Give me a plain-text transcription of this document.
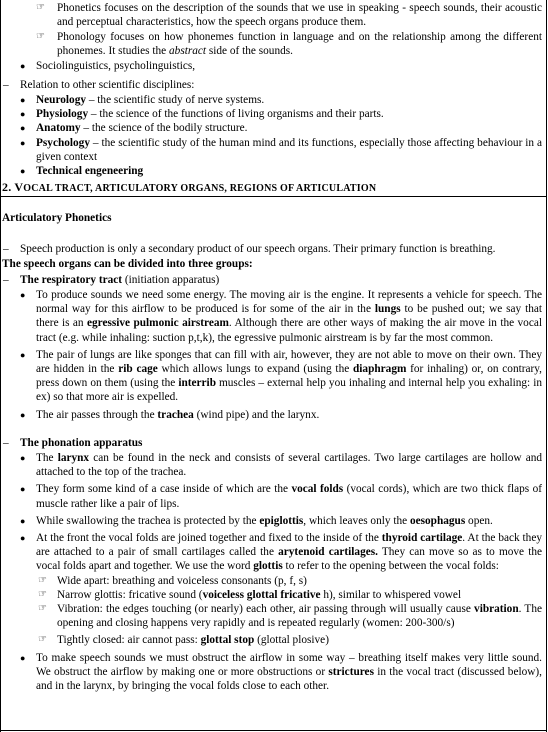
☞ Phonetics focuses on the description of the sounds that we use in speaking - speech sounds, their acoustic and perceptual characteristics, how the speech organs produce them.
☞ Phonology focuses on how phonemes function in language and on the relationship among the different phonemes. It studies the abstract side of the sounds.
● Sociolinguistics, psycholinguistics,
– Relation to other scientific disciplines:
● Neurology – the scientific study of nerve systems.
● Physiology – the science of the functions of living organisms and their parts.
● Anatomy – the science of the bodily structure.
● Psychology – the scientific study of the human mind and its functions, especially those affecting behaviour in a given context
● Technical engeneering
2. VOCAL TRACT, ARTICULATORY ORGANS, REGIONS OF ARTICULATION
Articulatory Phonetics
– Speech production is only a secondary product of our speech organs. Their primary function is breathing.
The speech organs can be divided into three groups:
– The respiratory tract (initiation apparatus)
● To produce sounds we need some energy. The moving air is the engine. It represents a vehicle for speech. The normal way for this airflow to be produced is for some of the air in the lungs to be pushed out; we say that there is an egressive pulmonic airstream. Although there are other ways of making the air move in the vocal tract (e.g. while inhaling: suction p,t,k), the egressive pulmonic airstream is by far the most common.
● The pair of lungs are like sponges that can fill with air, however, they are not able to move on their own. They are hidden in the rib cage which allows lungs to expand (using the diaphragm for inhaling) or, on contrary, press down on them (using the interrib muscles – external help you inhaling and internal help you exhaling: in ex) so that more air is expelled.
● The air passes through the trachea (wind pipe) and the larynx.
– The phonation apparatus
● The larynx can be found in the neck and consists of several cartilages. Two large cartilages are hollow and attached to the top of the trachea.
● They form some kind of a case inside of which are the vocal folds (vocal cords), which are two thick flaps of muscle rather like a pair of lips.
● While swallowing the trachea is protected by the epiglottis, which leaves only the oesophagus open.
● At the front the vocal folds are joined together and fixed to the inside of the thyroid cartilage. At the back they are attached to a pair of small cartilages called the arytenoid cartilages. They can move so as to move the vocal folds apart and together. We use the word glottis to refer to the opening between the vocal folds:
☞ Wide apart: breathing and voiceless consonants (p, f, s)
☞ Narrow glottis: fricative sound (voiceless glottal fricative h), similar to whispered vowel
☞ Vibration: the edges touching (or nearly) each other, air passing through will usually cause vibration. The opening and closing happens very rapidly and is repeated regularly (women: 200-300/s)
☞ Tightly closed: air cannot pass: glottal stop (glottal plosive)
● To make speech sounds we must obstruct the airflow in some way – breathing itself makes very little sound. We obstruct the airflow by making one or more obstructions or strictures in the vocal tract (discussed below), and in the larynx, by bringing the vocal folds close to each other.
